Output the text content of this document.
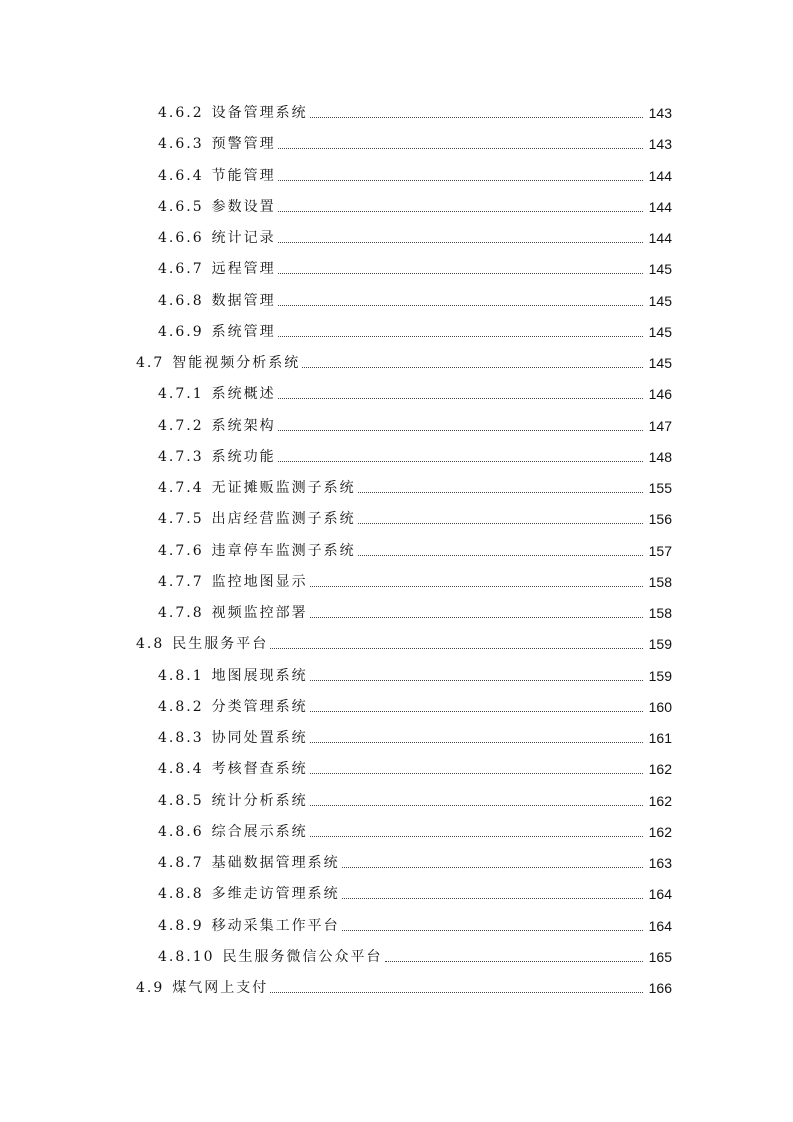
4.6.2 设备管理系统	143
4.6.3 预警管理	143
4.6.4 节能管理	144
4.6.5 参数设置	144
4.6.6 统计记录	144
4.6.7 远程管理	145
4.6.8 数据管理	145
4.6.9 系统管理	145
4.7 智能视频分析系统	145
4.7.1 系统概述	146
4.7.2 系统架构	147
4.7.3 系统功能	148
4.7.4 无证摊贩监测子系统	155
4.7.5 出店经营监测子系统	156
4.7.6 违章停车监测子系统	157
4.7.7 监控地图显示	158
4.7.8 视频监控部署	158
4.8 民生服务平台	159
4.8.1 地图展现系统	159
4.8.2 分类管理系统	160
4.8.3 协同处置系统	161
4.8.4 考核督查系统	162
4.8.5 统计分析系统	162
4.8.6 综合展示系统	162
4.8.7 基础数据管理系统	163
4.8.8 多维走访管理系统	164
4.8.9 移动采集工作平台	164
4.8.10 民生服务微信公众平台	165
4.9 煤气网上支付	166
